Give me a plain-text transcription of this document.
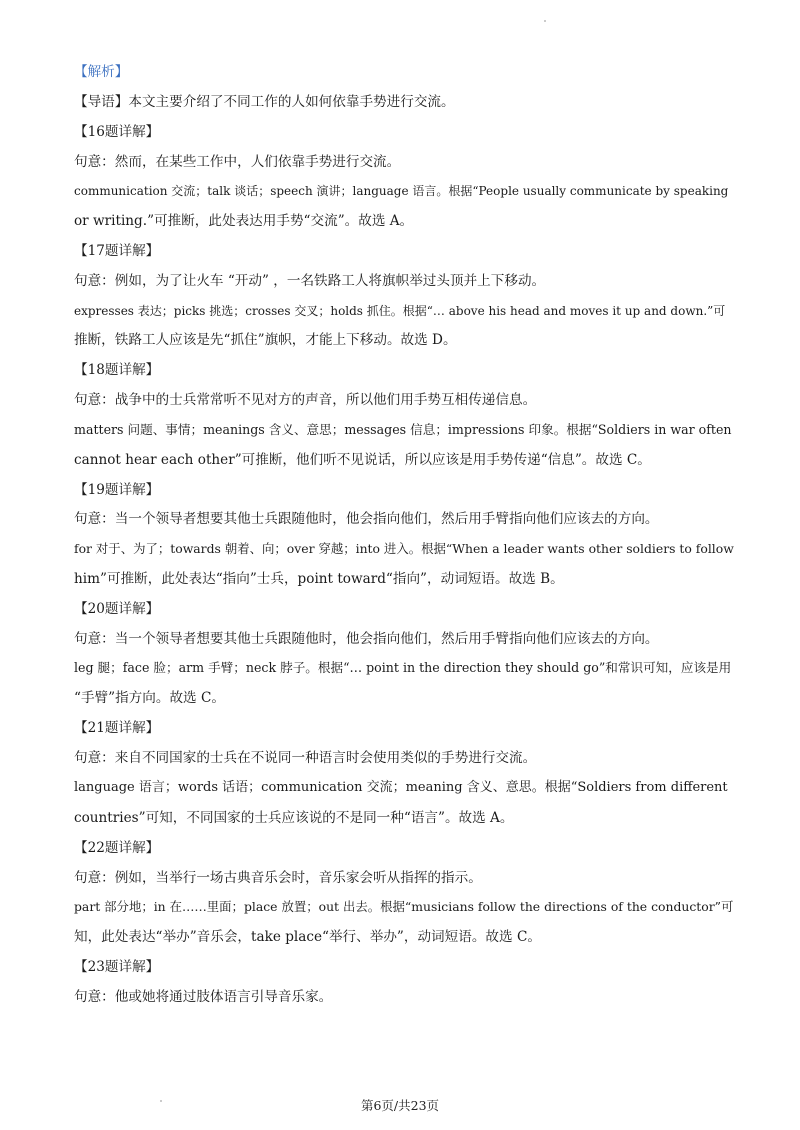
【解析】
【导语】本文主要介绍了不同工作的人如何依靠手势进行交流。
【16题详解】
句意：然而，在某些工作中，人们依靠手势进行交流。
communication 交流；talk 谈话；speech 演讲；language 语言。根据“People usually communicate by speaking
or writing.”可推断，此处表达用手势“交流”。故选 A。
【17题详解】
句意：例如，为了让火车 “开动” ，一名铁路工人将旗帜举过头顶并上下移动。
expresses 表达；picks 挑选；crosses 交叉；holds 抓住。根据“… above his head and moves it up and down.”可
推断，铁路工人应该是先“抓住”旗帜，才能上下移动。故选 D。
【18题详解】
句意：战争中的士兵常常听不见对方的声音，所以他们用手势互相传递信息。
matters 问题、事情；meanings 含义、意思；messages 信息；impressions 印象。根据“Soldiers in war often
cannot hear each other”可推断，他们听不见说话，所以应该是用手势传递“信息”。故选 C。
【19题详解】
句意：当一个领导者想要其他士兵跟随他时，他会指向他们，然后用手臂指向他们应该去的方向。
for 对于、为了；towards 朝着、向；over 穿越；into 进入。根据“When a leader wants other soldiers to follow
him”可推断，此处表达“指向”士兵，point toward“指向”，动词短语。故选 B。
【20题详解】
句意：当一个领导者想要其他士兵跟随他时，他会指向他们，然后用手臂指向他们应该去的方向。
leg 腿；face 脸；arm 手臂；neck 脖子。根据“… point in the direction they should go”和常识可知，应该是用
“手臂”指方向。故选 C。
【21题详解】
句意：来自不同国家的士兵在不说同一种语言时会使用类似的手势进行交流。
language 语言；words 话语；communication 交流；meaning 含义、意思。根据“Soldiers from different
countries”可知，不同国家的士兵应该说的不是同一种“语言”。故选 A。
【22题详解】
句意：例如，当举行一场古典音乐会时，音乐家会听从指挥的指示。
part 部分地；in 在……里面；place 放置；out 出去。根据“musicians follow the directions of the conductor”可
知，此处表达“举办”音乐会，take place“举行、举办”，动词短语。故选 C。
【23题详解】
句意：他或她将通过肢体语言引导音乐家。
第6页/共23页
